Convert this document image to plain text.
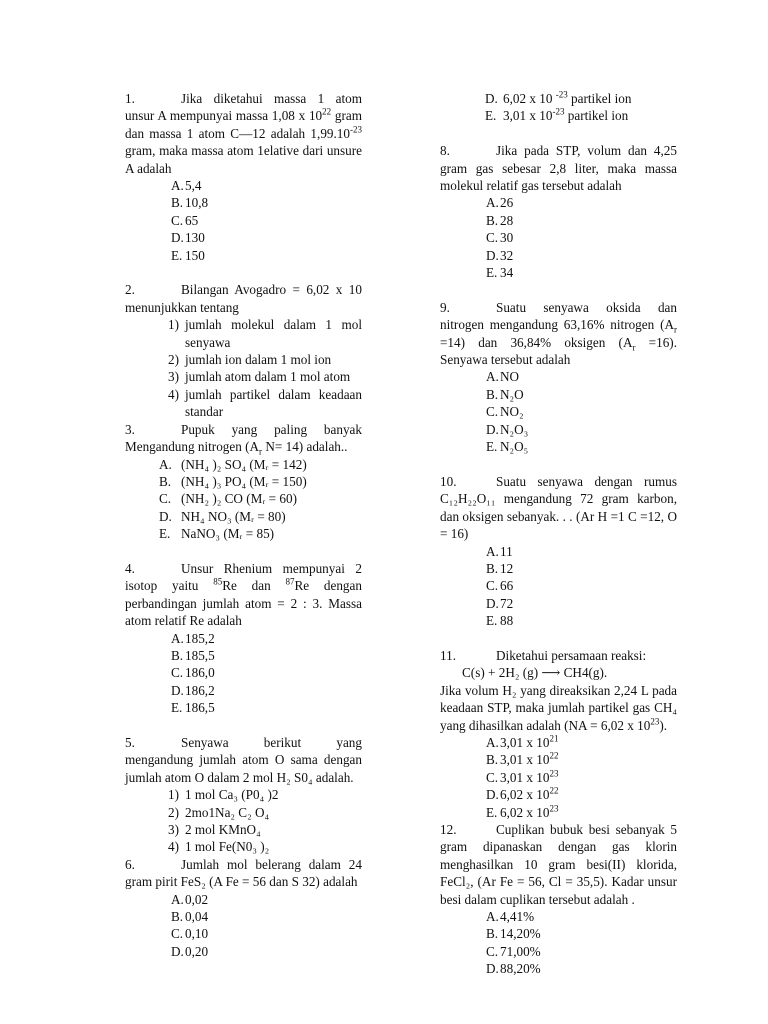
1.	Jika diketahui massa 1 atom unsur A mempunyai massa 1,08 x $10^{22}$ gram dan massa 1 atom C—12 adalah $1,99.10^{-23}$ gram, maka massa atom 1elative dari unsure A adalah
A. 5,4
B. 10,8
C. 65
D. 130
E. 150
2.	Bilangan Avogadro = 6,02 x 10 menunjukkan tentang
1) jumlah molekul dalam 1 mol senyawa
2) jumlah ion dalam 1 mol ion
3) jumlah atom dalam 1 mol atom
4) jumlah partikel dalam keadaan standar
3.	Pupuk yang paling banyak Mengandung nitrogen ($A_r$ N= 14) adalah..
A. (NH₄ )₂ SO₄ (Mᵣ = 142)
B. (NH₄ )₃ PO₄ (Mᵣ = 150)
C. (NH₂ )₂ CO (Mᵣ = 60)
D. NH₄ NO₃ (Mᵣ = 80)
E. NaNO₃ (Mᵣ = 85)
4.	Unsur Rhenium mempunyai 2 isotop yaitu $^{85}$Re dan $^{87}$Re dengan perbandingan jumlah atom = 2 : 3. Massa atom relatif Re adalah
A. 185,2
B. 185,5
C. 186,0
D. 186,2
E. 186,5
5.	Senyawa berikut yang mengandung jumlah atom O sama dengan jumlah atom O dalam 2 mol H₂ S0₄ adalah.
1) 1 mol Ca₃ (P0₄ )2
2) 2mo1Na₂ C₂ O₄
3) 2 mol KMnO₄
4) 1 mol Fe(N0₃ )₂
6.	Jumlah mol belerang dalam 24 gram pirit FeS₂ (A Fe = 56 dan S 32) adalah
A. 0,02
B. 0,04
C. 0,10
D. 0,20
D. 6,02 x 10 $^{-23}$ partikel ion
E. 3,01 x $10^{-23}$ partikel ion
8.	Jika pada STP, volum dan 4,25 gram gas sebesar 2,8 liter, maka massa molekul relatif gas tersebut adalah
A. 26
B. 28
C. 30
D. 32
E. 34
9.	Suatu senyawa oksida dan nitrogen mengandung 63,16% nitrogen $(A_r =14)$ dan 36,84% oksigen $(A_r =16)$. Senyawa tersebut adalah
A. NO
B. N₂O
C. NO₂
D. N₂O₃
E. N₂O₅
10.	Suatu senyawa dengan rumus C₁₂H₂₂O₁₁ mengandung 72 gram karbon, dan oksigen sebanyak. . . (Ar H =1 C =12, O = 16)
A. 11
B. 12
C. 66
D. 72
E. 88
11.	Diketahui persamaan reaksi:
C(s) + 2H₂ (g) ⟶ CH4(g).
Jika volum H₂ yang direaksikan 2,24 L pada keadaan STP, maka jumlah partikel gas CH₄ yang dihasilkan adalah (NA = 6,02 x $10^{23}$).
A. 3,01 x $10^{21}$
B. 3,01 x $10^{22}$
C. 3,01 x $10^{23}$
D. 6,02 x $10^{22}$
E. 6,02 x $10^{23}$
12.	Cuplikan bubuk besi sebanyak 5 gram dipanaskan dengan gas klorin menghasilkan 10 gram besi(II) klorida, FeCl₂, (Ar Fe = 56, Cl = 35,5). Kadar unsur besi dalam cuplikan tersebut adalah .
A. 4,41%
B. 14,20%
C. 71,00%
D. 88,20%
